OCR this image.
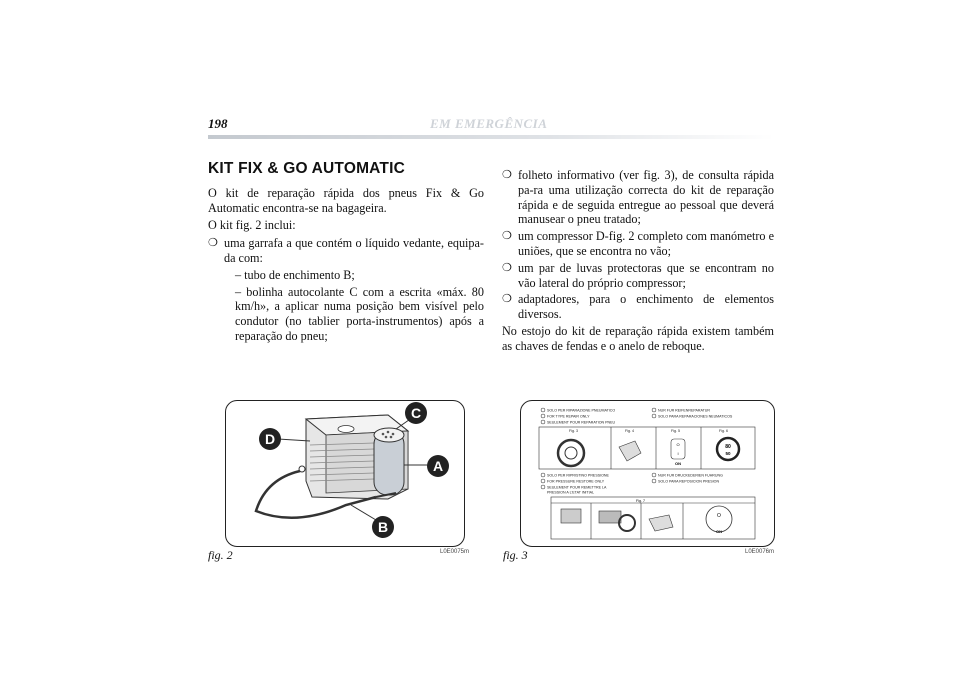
198	EM EMERGÊNCIA
KIT FIX & GO AUTOMATIC

O kit de reparação rápida dos pneus Fix & Go Automatic encontra-se na bagageira.

O kit fig. 2 inclui:

❍ uma garrafa a que contém o líquido vedante, equipa-da com:
– tubo de enchimento B;
– bolinha autocolante C com a escrita «máx. 80 km/h», a aplicar numa posição bem visível pelo condutor (no tablier porta-instrumentos) após a reparação do pneu;
❍ folheto informativo (ver fig. 3), de consulta rápida pa-ra uma utilização correcta do kit de reparação rápida e de seguida entregue ao pessoal que deverá manusear o pneu tratado;
❍ um compressor D-fig. 2 completo com manómetro e uniões, que se encontra no vão;
❍ um par de luvas protectoras que se encontram no vão lateral do próprio compressor;
❍ adaptadores, para o enchimento de elementos diversos.

No estojo do kit de reparação rápida existem também as chaves de fendas e o anelo de reboque.

C
D
A
B
fig. 2	L0E0075m
SOLO PER RIPARAZIONE PNEUMATICO
FOR TYPE REPAIR ONLY
SEULEMENT POUR REPARATION PNEU
NUR FUR REIFENREPARATUR
SOLO PARA REPARACIONES NEUMATICOS
Fig. 3	Fig. 4	Fig. 5	Fig. 6
O
I
ON
80
50
SOLO PER RIPRISTINO PRESSIONE
FOR PRESSURE RESTORE ONLY
SEULEMENT POUR REMETTRE LA
PRESSION A L'ETAT INITIAL
NUR FUR DRUCKEDERIEN FUHRUNG
SOLO PARA REPOSICION PRESION
Fig. 7
O
ON
fig. 3	L0E0076m
